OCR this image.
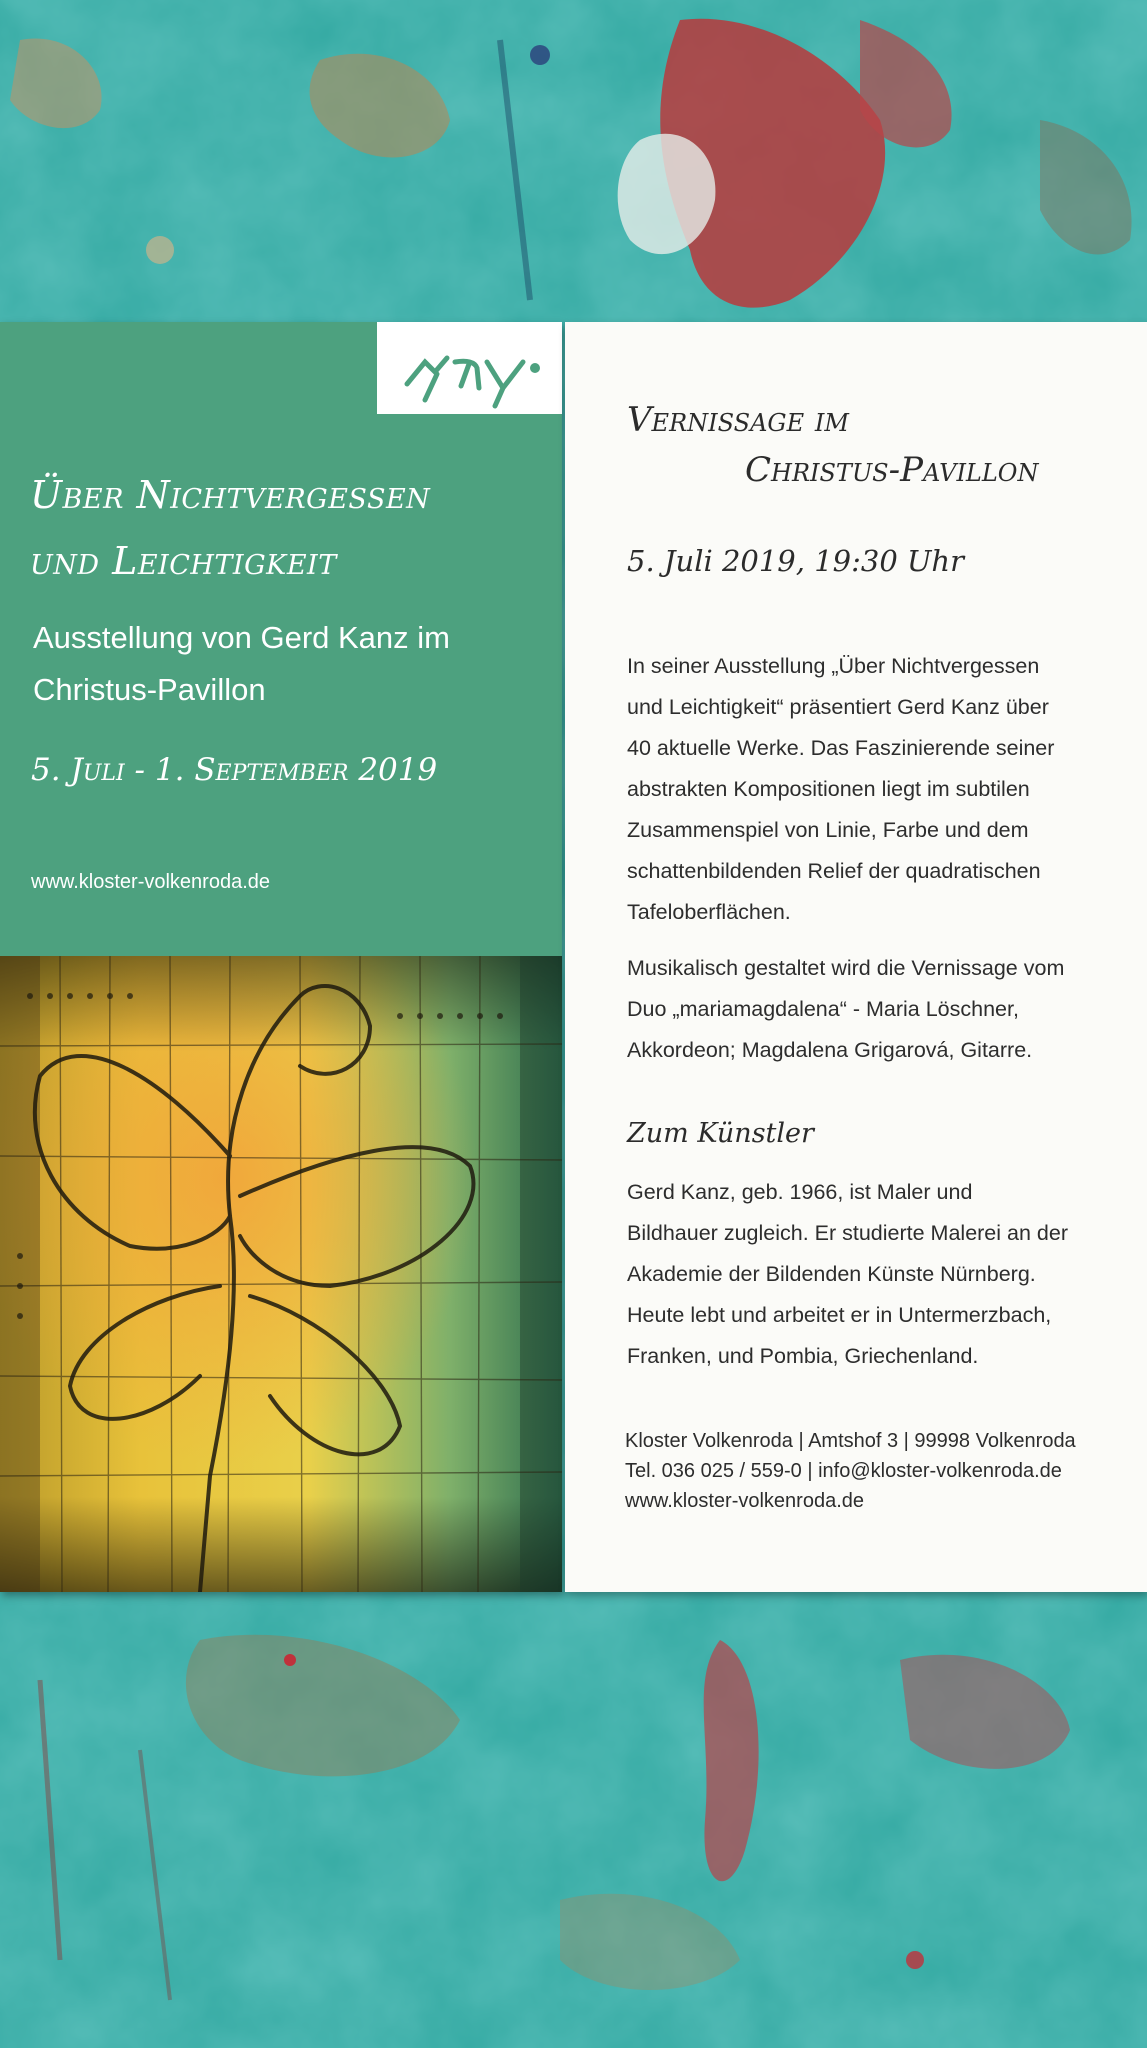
Über Nichtvergessen
und Leichtigkeit
Ausstellung von Gerd Kanz im
Christus-Pavillon
5. Juli - 1. September 2019
www.kloster-volkenroda.de
Vernissage im
Christus-Pavillon
5. Juli 2019, 19:30 Uhr
In seiner Ausstellung „Über Nichtvergessen
und Leichtigkeit“ präsentiert Gerd Kanz über
40 aktuelle Werke. Das Faszinierende seiner
abstrakten Kompositionen liegt im subtilen
Zusammenspiel von Linie, Farbe und dem
schattenbildenden Relief der quadratischen
Tafeloberflächen.
Musikalisch gestaltet wird die Vernissage vom
Duo „mariamagdalena“ - Maria Löschner,
Akkordeon; Magdalena Grigarová, Gitarre.
Zum Künstler
Gerd Kanz, geb. 1966, ist Maler und
Bildhauer zugleich. Er studierte Malerei an der
Akademie der Bildenden Künste Nürnberg.
Heute lebt und arbeitet er in Untermerzbach,
Franken, und Pombia, Griechenland.
Kloster Volkenroda | Amtshof 3 | 99998 Volkenroda
Tel. 036 025 / 559-0 | info@kloster-volkenroda.de
www.kloster-volkenroda.de
